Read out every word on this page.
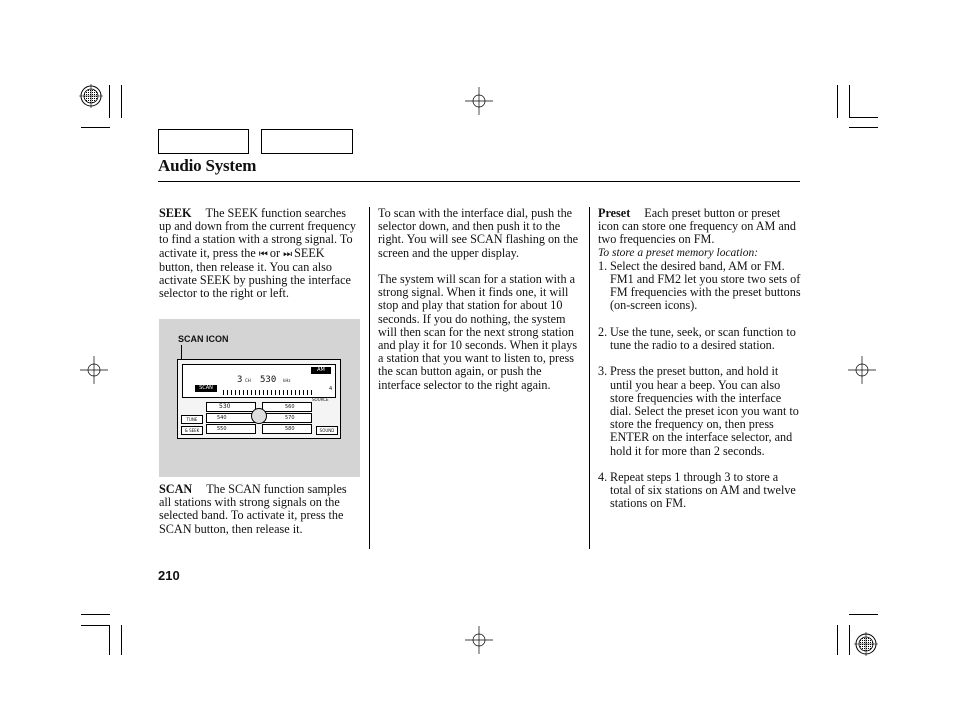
Audio System

SEEK The SEEK function searches up and down from the current frequency to find a station with a strong signal. To activate it, press the ⏮ or ⏭ SEEK button, then release it. You can also activate SEEK by pushing the interface selector to the right or left.

SCAN ICON
SCAN
3 CH 530 kHz
AM
4
SOURCE
530
540
550
560
570
580
TUNE
& SEEK	SOUND

SCAN The SCAN function samples all stations with strong signals on the selected band. To activate it, press the SCAN button, then release it.

To scan with the interface dial, push the selector down, and then push it to the right. You will see SCAN flashing on the screen and the upper display.

The system will scan for a station with a strong signal. When it finds one, it will stop and play that station for about 10 seconds. If you do nothing, the system will then scan for the next strong station and play it for 10 seconds. When it plays a station that you want to listen to, press the scan button again, or push the interface selector to the right again.

Preset Each preset button or preset icon can store one frequency on AM and two frequencies on FM.
To store a preset memory location:
1. Select the desired band, AM or FM. FM1 and FM2 let you store two sets of FM frequencies with the preset buttons (on-screen icons).
2. Use the tune, seek, or scan function to tune the radio to a desired station.
3. Press the preset button, and hold it until you hear a beep. You can also store frequencies with the interface dial. Select the preset icon you want to store the frequency on, then press ENTER on the interface selector, and hold it for more than 2 seconds.
4. Repeat steps 1 through 3 to store a total of six stations on AM and twelve stations on FM.
210
